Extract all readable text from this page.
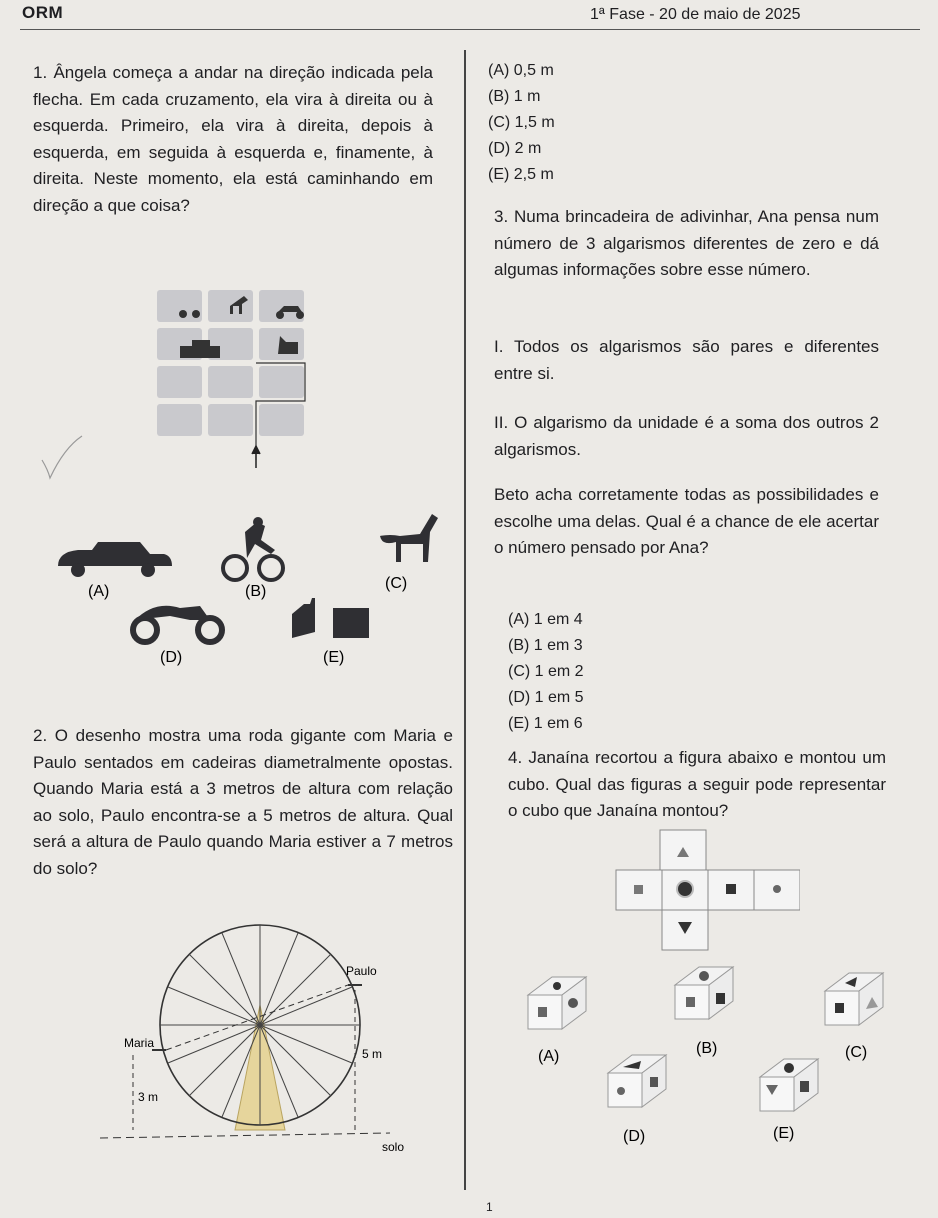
ORM	1ª Fase - 20 de maio de 2025
1. Ângela começa a andar na direção indicada pela flecha. Em cada cruzamento, ela vira à direita ou à esquerda. Primeiro, ela vira à direita, depois à esquerda, em seguida à esquerda e, finamente, à direita. Neste momento, ela está caminhando em direção a que coisa?
(A)	(B)	(C)
(D)	(E)
2. O desenho mostra uma roda gigante com Maria e Paulo sentados em cadeiras diametralmente opostas. Quando Maria está a 3 metros de altura com relação ao solo, Paulo encontra-se a 5 metros de altura. Qual será a altura de Paulo quando Maria estiver a 7 metros do solo?
Paulo
Maria
5 m
3 m
solo
(A) 0,5 m
(B) 1 m
(C) 1,5 m
(D) 2 m
(E) 2,5 m
3. Numa brincadeira de adivinhar, Ana pensa num número de 3 algarismos diferentes de zero e dá algumas informações sobre esse número.
I. Todos os algarismos são pares e diferentes entre si.
II. O algarismo da unidade é a soma dos outros 2 algarismos.
Beto acha corretamente todas as possibilidades e escolhe uma delas. Qual é a chance de ele acertar o número pensado por Ana?
(A) 1 em 4
(B) 1 em 3
(C) 1 em 2
(D) 1 em 5
(E) 1 em 6
4. Janaína recortou a figura abaixo e montou um cubo. Qual das figuras a seguir pode representar o cubo que Janaína montou?
(A)	(B)	(C)
(D)	(E)
1
